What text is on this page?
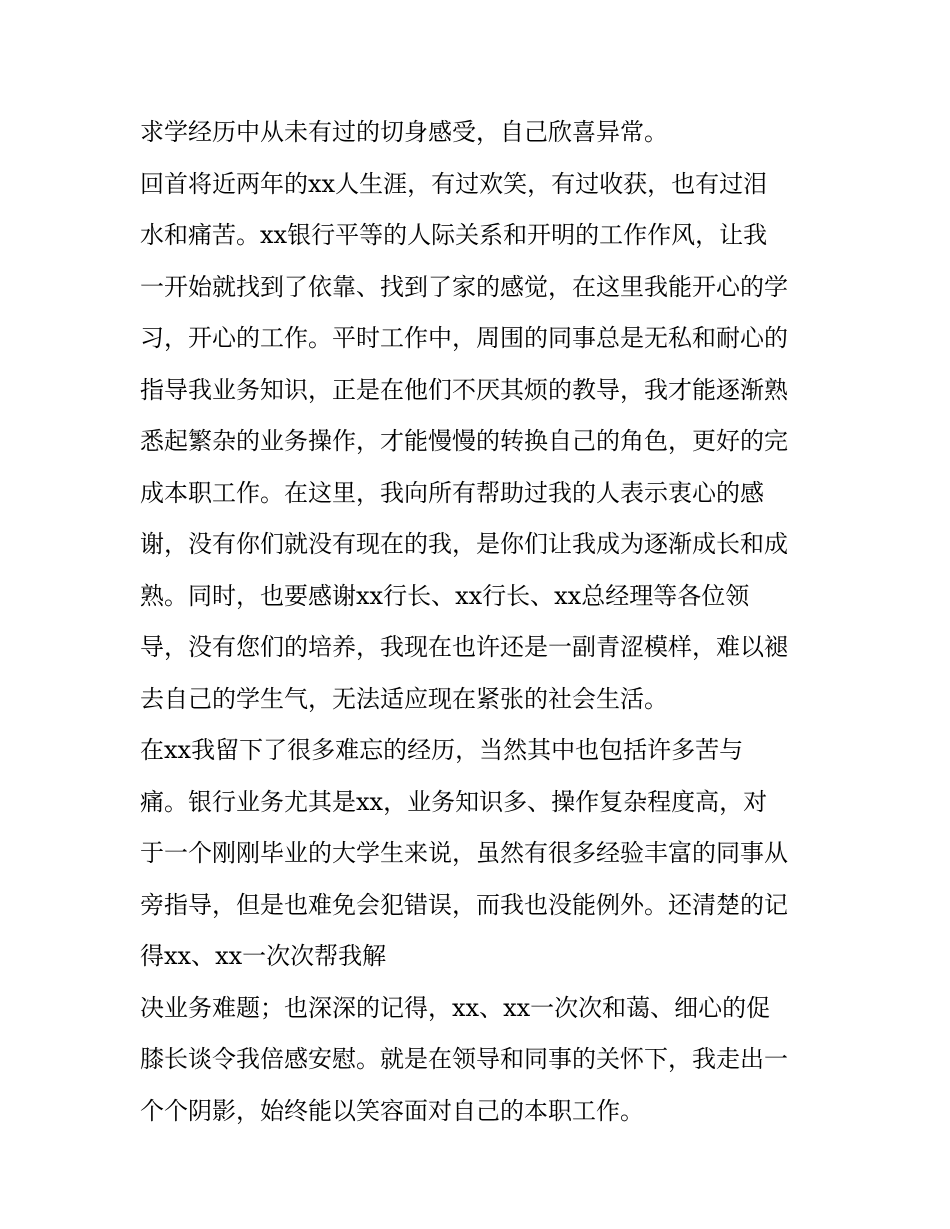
求学经历中从未有过的切身感受，自己欣喜异常。
回首将近两年的xx人生涯，有过欢笑，有过收获，也有过泪
水和痛苦。xx银行平等的人际关系和开明的工作作风，让我
一开始就找到了依靠、找到了家的感觉，在这里我能开心的学
习，开心的工作。平时工作中，周围的同事总是无私和耐心的
指导我业务知识，正是在他们不厌其烦的教导，我才能逐渐熟
悉起繁杂的业务操作，才能慢慢的转换自己的角色，更好的完
成本职工作。在这里，我向所有帮助过我的人表示衷心的感
谢，没有你们就没有现在的我，是你们让我成为逐渐成长和成
熟。同时，也要感谢xx行长、xx行长、xx总经理等各位领
导，没有您们的培养，我现在也许还是一副青涩模样，难以褪
去自己的学生气，无法适应现在紧张的社会生活。
在xx我留下了很多难忘的经历，当然其中也包括许多苦与
痛。银行业务尤其是xx，业务知识多、操作复杂程度高，对
于一个刚刚毕业的大学生来说，虽然有很多经验丰富的同事从
旁指导，但是也难免会犯错误，而我也没能例外。还清楚的记
得xx、xx一次次帮我解
决业务难题；也深深的记得，xx、xx一次次和蔼、细心的促
膝长谈令我倍感安慰。就是在领导和同事的关怀下，我走出一
个个阴影，始终能以笑容面对自己的本职工作。
